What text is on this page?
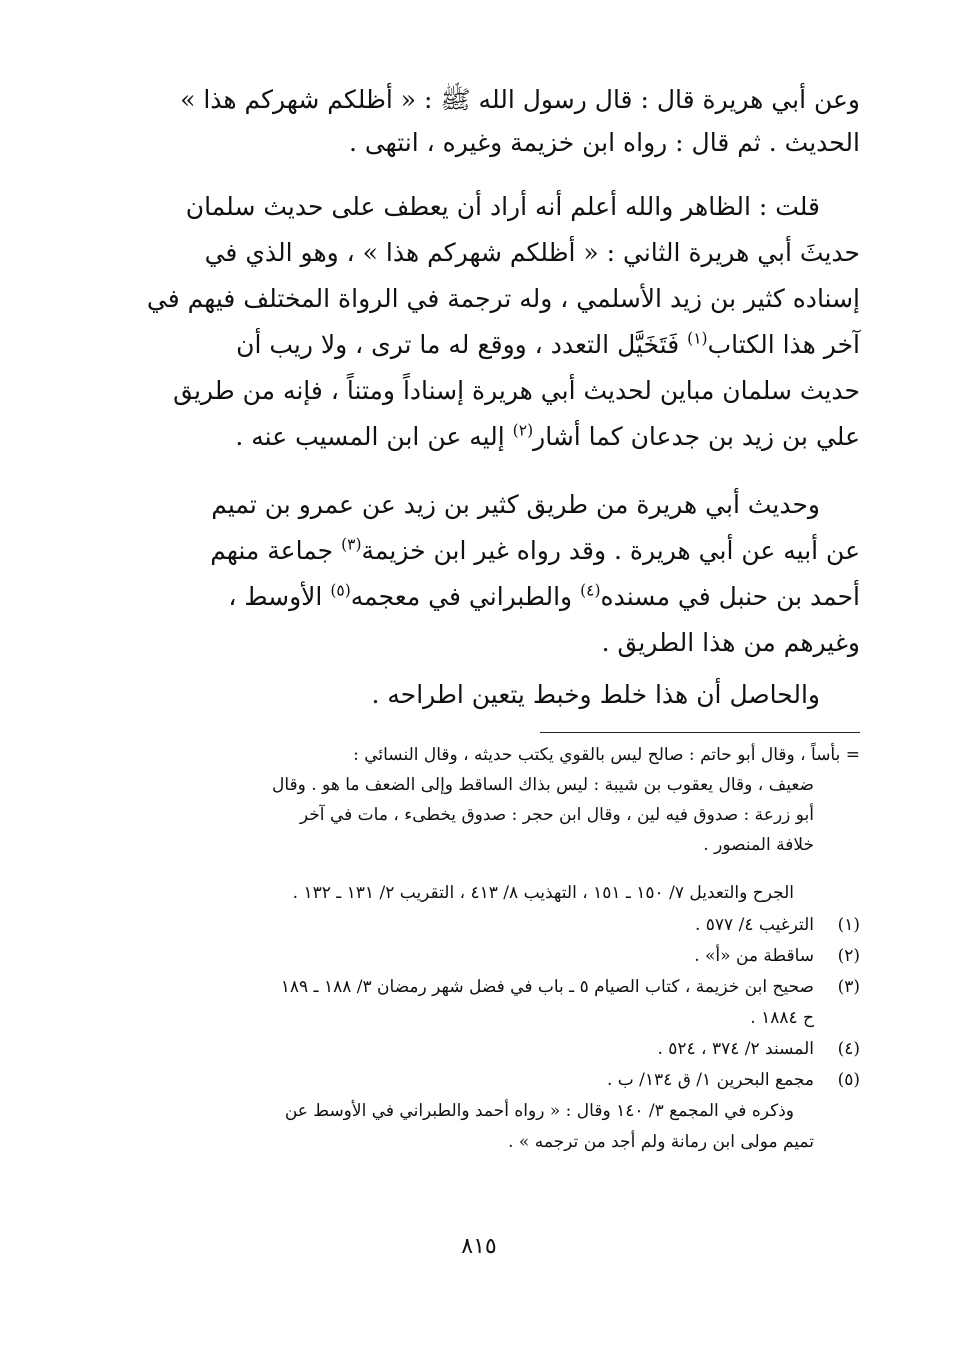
وعن أبي هريرة قال : قال رسول الله ﷺ : « أظلكم شهركم هذا »
الحديث . ثم قال : رواه ابن خزيمة وغيره ، انتهى .
قلت : الظاهر والله أعلم أنه أراد أن يعطف على حديث سلمان
حديثَ أبي هريرة الثاني : « أظلكم شهركم هذا » ، وهو الذي في
إسناده كثير بن زيد الأسلمي ، وله ترجمة في الرواة المختلف فيهم في
آخر هذا الكتاب$^{(١)}$ فَتَخَيَّل التعدد ، ووقع له ما ترى ، ولا ريب أن
حديث سلمان مباين لحديث أبي هريرة إسناداً ومتناً ، فإنه من طريق
علي بن زيد بن جدعان كما أشار$^{(٢)}$ إليه عن ابن المسيب عنه .
وحديث أبي هريرة من طريق كثير بن زيد عن عمرو بن تميم
عن أبيه عن أبي هريرة . وقد رواه غير ابن خزيمة$^{(٣)}$ جماعة منهم
أحمد بن حنبل في مسنده$^{(٤)}$ والطبراني في معجمه$^{(٥)}$ الأوسط ،
وغيرهم من هذا الطريق .
والحاصل أن هذا خلط وخبط يتعين اطراحه .
= بأساً ، وقال أبو حاتم : صالح ليس بالقوي يكتب حديثه ، وقال النسائي :
ضعيف ، وقال يعقوب بن شيبة : ليس بذاك الساقط وإلى الضعف ما هو . وقال
أبو زرعة : صدوق فيه لين ، وقال ابن حجر : صدوق يخطىء ، مات في آخر
خلافة المنصور .
الجرح والتعديل ٧/ ١٥٠ ـ ١٥١ ، التهذيب ٨/ ٤١٣ ، التقريب ٢/ ١٣١ ـ ١٣٢ .
(١)الترغيب ٤/ ٥٧٧ .
(٢)ساقطة من «أ» .
(٣)صحيح ابن خزيمة ، كتاب الصيام ٥ ـ باب في فضل شهر رمضان ٣/ ١٨٨ ـ ١٨٩
ح ١٨٨٤ .
(٤)المسند ٢/ ٣٧٤ ، ٥٢٤ .
(٥)مجمع البحرين ١/ ق ١٣٤/ ب .
وذكره في المجمع ٣/ ١٤٠ وقال : « رواه أحمد والطبراني في الأوسط عن
تميم مولى ابن رمانة ولم أجد من ترجمه » .
٨١٥
